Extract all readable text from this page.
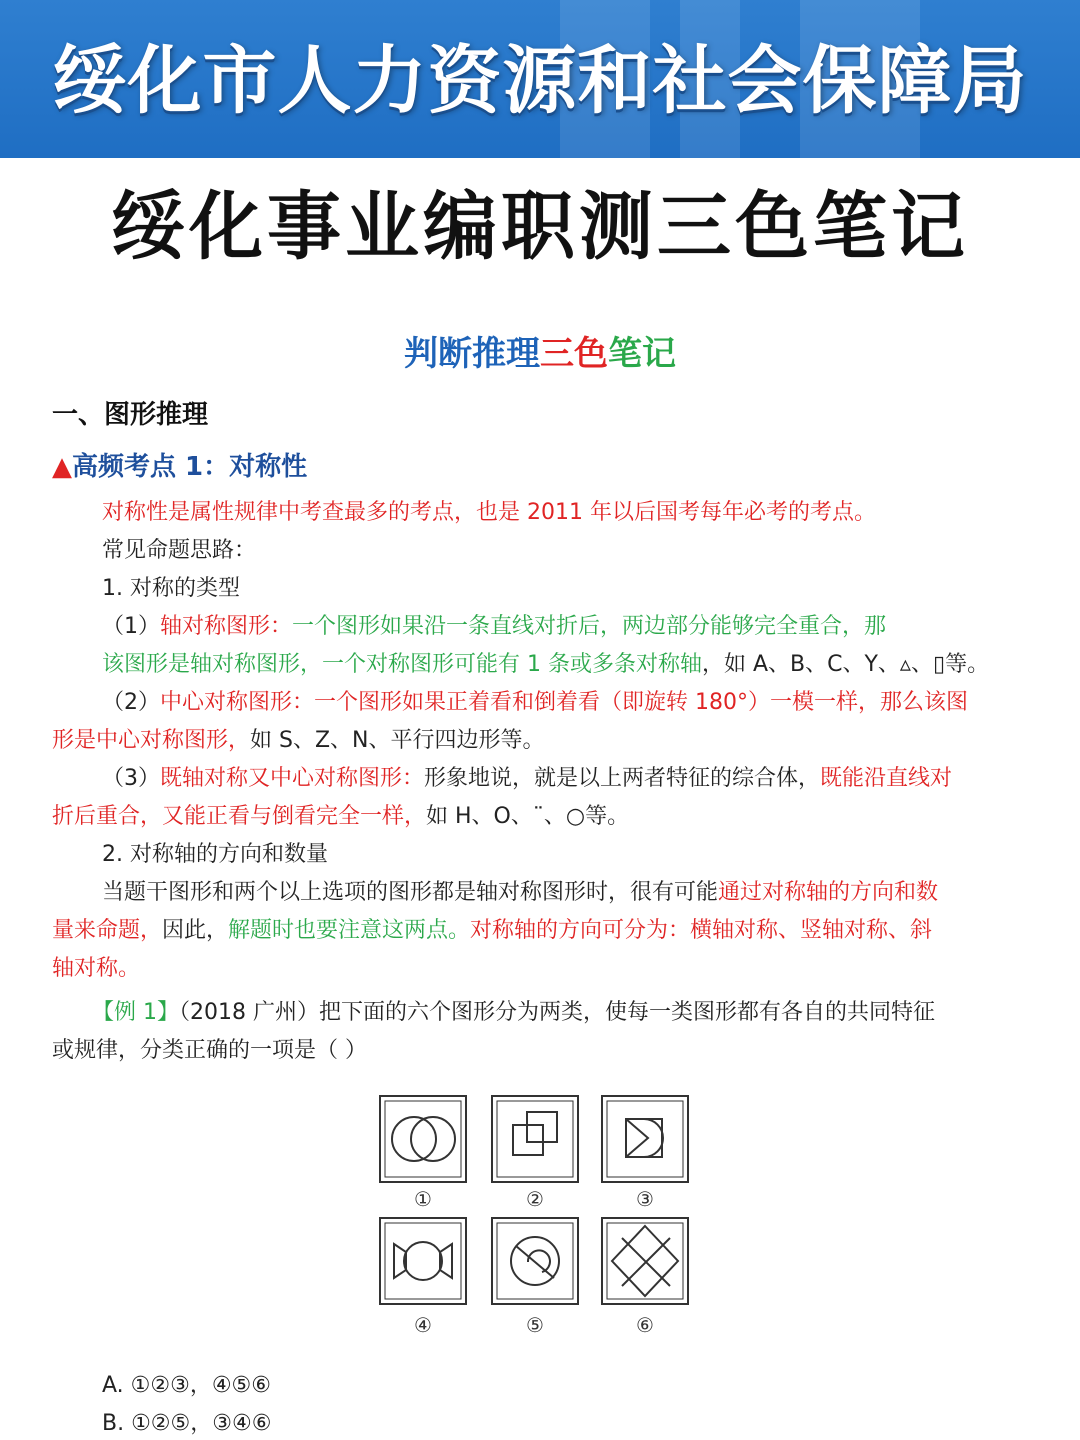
绥化市人力资源和社会保障局
绥化事业编职测三色笔记
判断推理三色笔记
一、图形推理
▲高频考点 1：对称性
对称性是属性规律中考查最多的考点，也是 2011 年以后国考每年必考的考点。
常见命题思路：
1. 对称的类型
（1）轴对称图形：一个图形如果沿一条直线对折后，两边部分能够完全重合，那
该图形是轴对称图形，一个对称图形可能有 1 条或多条对称轴，如 A、B、C、Y、▵、▯等。
（2）中心对称图形：一个图形如果正着看和倒着看（即旋转 180°）一模一样，那么该图
形是中心对称图形，如 S、Z、N、平行四边形等。
（3）既轴对称又中心对称图形：形象地说，就是以上两者特征的综合体，既能沿直线对
折后重合，又能正看与倒看完全一样，如 H、O、¨、○等。
2. 对称轴的方向和数量
当题干图形和两个以上选项的图形都是轴对称图形时，很有可能通过对称轴的方向和数
量来命题，因此，解题时也要注意这两点。对称轴的方向可分为：横轴对称、竖轴对称、斜
轴对称。
【例 1】（2018 广州）把下面的六个图形分为两类，使每一类图形都有各自的共同特征
或规律，分类正确的一项是（ ）
①	②	③
④	⑤	⑥
A. ①②③，④⑤⑥
B. ①②⑤，③④⑥
